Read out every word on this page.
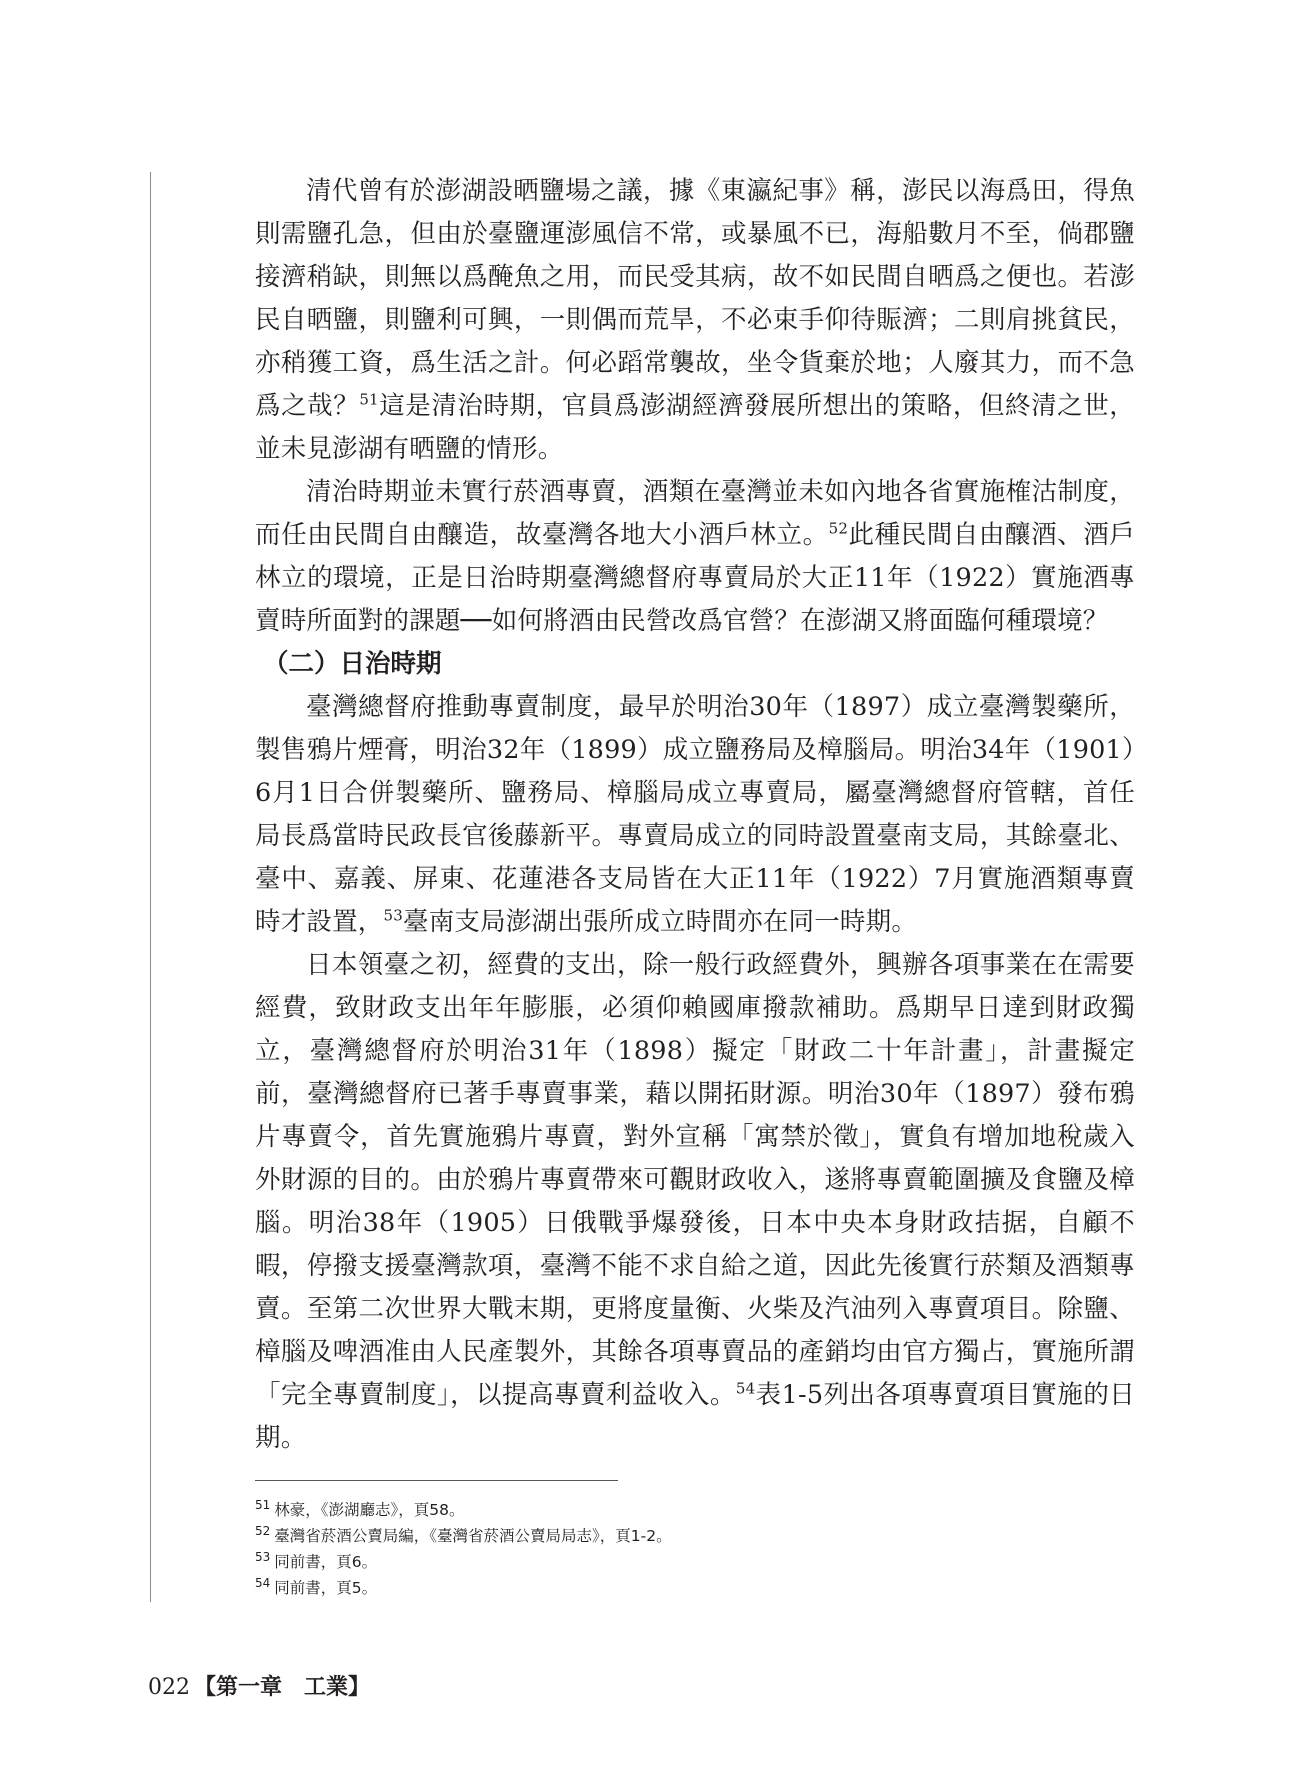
清代曾有於澎湖設晒鹽場之議，據《東瀛紀事》稱，澎民以海爲田，得魚則需鹽孔急，但由於臺鹽運澎風信不常，或暴風不已，海船數月不至，倘郡鹽接濟稍缺，則無以爲醃魚之用，而民受其病，故不如民間自晒爲之便也。若澎民自晒鹽，則鹽利可興，一則偶而荒旱，不必束手仰待賑濟；二則肩挑貧民，亦稍獲工資，爲生活之計。何必蹈常襲故，坐令貨棄於地；人廢其力，而不急爲之哉？$^{51}$這是清治時期，官員爲澎湖經濟發展所想出的策略，但終清之世，並未見澎湖有晒鹽的情形。

清治時期並未實行菸酒專賣，酒類在臺灣並未如內地各省實施榷沽制度，而任由民間自由釀造，故臺灣各地大小酒戶林立。$^{52}$此種民間自由釀酒、酒戶林立的環境，正是日治時期臺灣總督府專賣局於大正11年（1922）實施酒專賣時所面對的課題──如何將酒由民營改爲官營？在澎湖又將面臨何種環境？

（二）日治時期

臺灣總督府推動專賣制度，最早於明治30年（1897）成立臺灣製藥所，製售鴉片煙膏，明治32年（1899）成立鹽務局及樟腦局。明治34年（1901）6月1日合併製藥所、鹽務局、樟腦局成立專賣局，屬臺灣總督府管轄，首任局長爲當時民政長官後藤新平。專賣局成立的同時設置臺南支局，其餘臺北、臺中、嘉義、屏東、花蓮港各支局皆在大正11年（1922）7月實施酒類專賣時才設置，$^{53}$臺南支局澎湖出張所成立時間亦在同一時期。

日本領臺之初，經費的支出，除一般行政經費外，興辦各項事業在在需要經費，致財政支出年年膨脹，必須仰賴國庫撥款補助。爲期早日達到財政獨立，臺灣總督府於明治31年（1898）擬定「財政二十年計畫」，計畫擬定前，臺灣總督府已著手專賣事業，藉以開拓財源。明治30年（1897）發布鴉片專賣令，首先實施鴉片專賣，對外宣稱「寓禁於徵」，實負有增加地稅歲入外財源的目的。由於鴉片專賣帶來可觀財政收入，遂將專賣範圍擴及食鹽及樟腦。明治38年（1905）日俄戰爭爆發後，日本中央本身財政拮据，自顧不暇，停撥支援臺灣款項，臺灣不能不求自給之道，因此先後實行菸類及酒類專賣。至第二次世界大戰末期，更將度量衡、火柴及汽油列入專賣項目。除鹽、樟腦及啤酒准由人民產製外，其餘各項專賣品的產銷均由官方獨占，實施所謂「完全專賣制度」，以提高專賣利益收入。$^{54}$表1-5列出各項專賣項目實施的日期。

$^{51}$ 林豪，《澎湖廳志》，頁58。
$^{52}$ 臺灣省菸酒公賣局編，《臺灣省菸酒公賣局局志》，頁1-2。
$^{53}$ 同前書，頁6。
$^{54}$ 同前書，頁5。
022 【第一章　工業】
